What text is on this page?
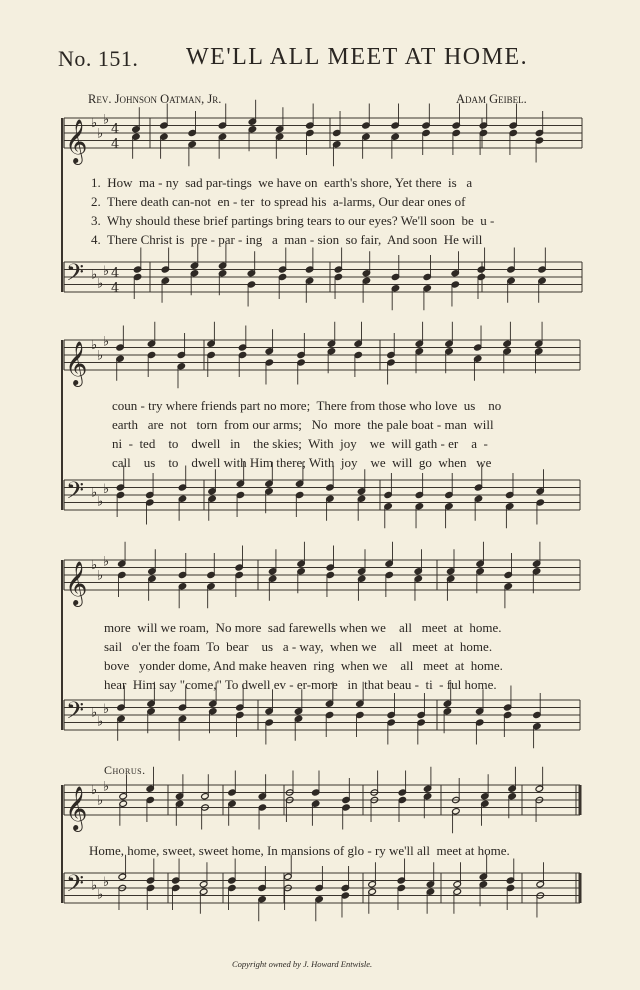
No. 151. WE'LL ALL MEET AT HOME.
Rev. Johnson Oatman, Jr.	Adam Geibel.
𝄞 ♭
♭
♭
4
4
𝄢 ♭
♭
♭ 4
4
𝄞 ♭
♭
♭
𝄢 ♭
♭
♭
𝄞 ♭
♭
♭
𝄢 ♭
♭
♭
𝄞 ♭
♭
♭
𝄢 ♭
♭
♭
1.  How  ma - ny  sad par-tings  we have on  earth's shore, Yet there  is   a
2.  There death can-not  en - ter  to spread his  a-larms, Our dear ones of
3.  Why should these brief partings bring tears to our eyes? We'll soon  be  u -
4.  There Christ is  pre - par - ing   a  man - sion  so fair,  And soon  He will
coun - try where friends part no more;  There from those who love  us    no
earth   are  not   torn  from our arms;   No  more  the pale boat - man  will
ni  -  ted    to    dwell   in    the skies;  With  joy    we  will gath - er    a  -
call    us    to    dwell with Him there; With  joy    we  will  go  when   we
more  will we roam,  No more  sad farewells when we    all   meet  at  home.
sail   o'er the foam  To  bear    us   a - way,  when we    all   meet  at  home.
bove   yonder dome, And make heaven  ring  when we    all   meet  at  home.
hear  Him say "come," To dwell ev - er-more   in  that beau -  ti  - ful home.
Chorus.
Home, home, sweet, sweet home, In mansions of glo - ry we'll all  meet at home.
Copyright owned by J. Howard Entwisle.
